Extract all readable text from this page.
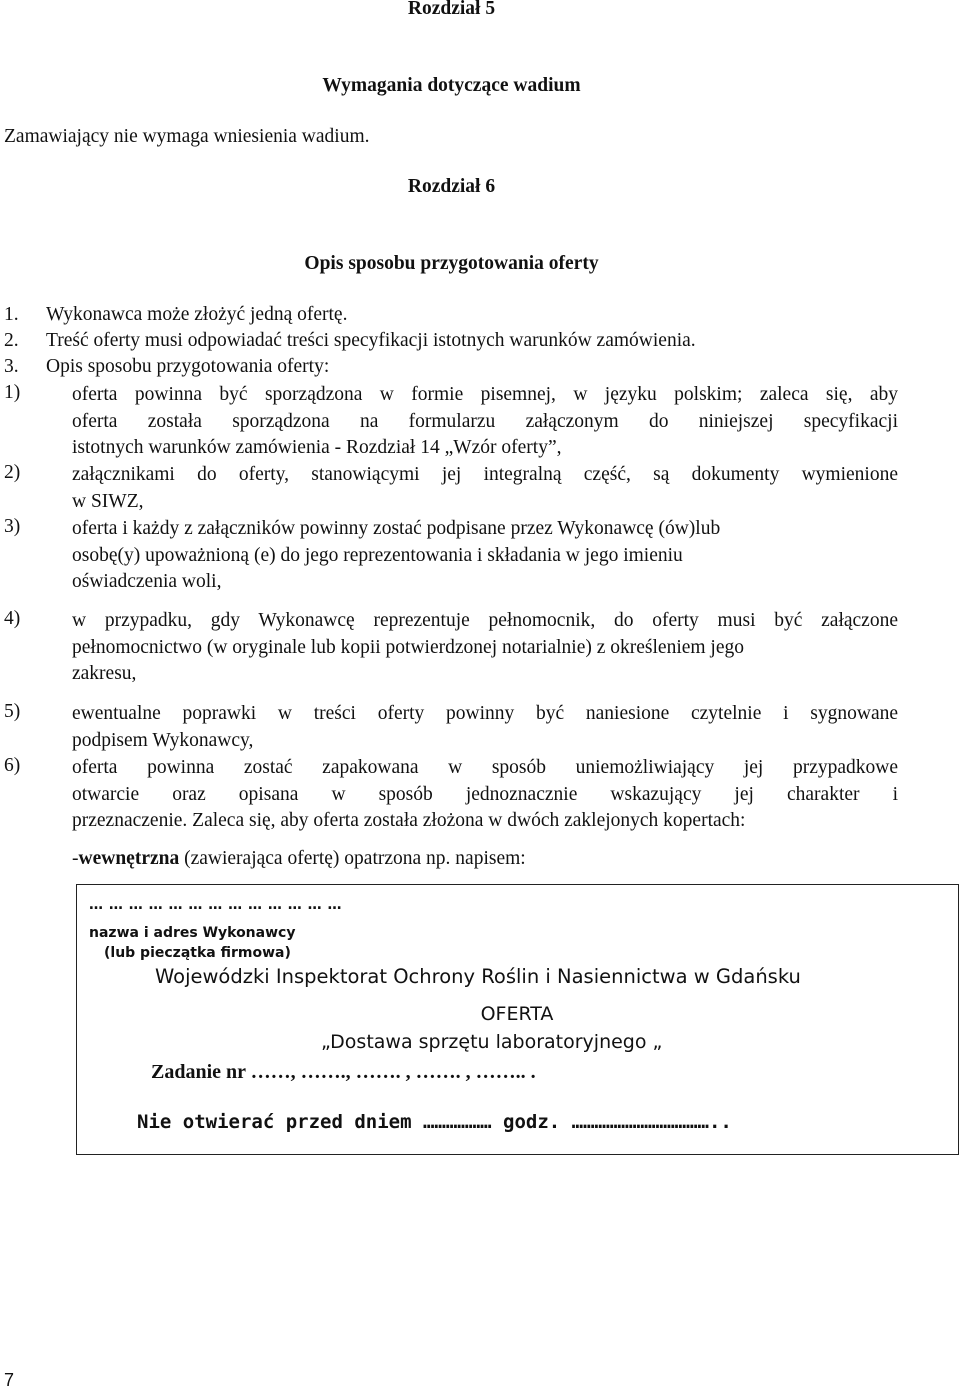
Rozdział 5
Wymagania dotyczące wadium
Zamawiający nie wymaga wniesienia wadium.
Rozdział 6
Opis sposobu przygotowania oferty
1. Wykonawca może złożyć jedną ofertę.
2. Treść oferty musi odpowiadać treści specyfikacji istotnych warunków zamówienia.
3. Opis sposobu przygotowania oferty:
1)	oferta powinna być sporządzona w formie pisemnej, w języku polskim; zaleca się, aby
oferta została sporządzona na formularzu załączonym do niniejszej specyfikacji
istotnych warunków zamówienia - Rozdział 14 „Wzór oferty”,
2)	załącznikami do oferty, stanowiącymi jej integralną część, są dokumenty wymienione
w SIWZ,
3)	oferta i każdy z załączników powinny zostać podpisane przez Wykonawcę (ów)lub
osobę(y) upoważnioną (e) do jego reprezentowania i składania w jego imieniu
oświadczenia woli,
4)	w przypadku, gdy Wykonawcę reprezentuje pełnomocnik, do oferty musi być załączone
pełnomocnictwo (w oryginale lub kopii potwierdzonej notarialnie) z określeniem jego
zakresu,
5)	ewentualne poprawki w treści oferty powinny być naniesione czytelnie i sygnowane
podpisem Wykonawcy,
6)	oferta powinna zostać zapakowana w sposób uniemożliwiający jej przypadkowe
otwarcie oraz opisana w sposób jednoznacznie wskazujący jej charakter i
przeznaczenie. Zaleca się, aby oferta została złożona w dwóch zaklejonych kopertach:
-wewnętrzna (zawierająca ofertę) opatrzona np. napisem:
… … … … … … … … … … … … …
nazwa i adres Wykonawcy
(lub pieczątka firmowa)
Wojewódzki Inspektorat Ochrony Roślin i Nasiennictwa w Gdańsku
OFERTA
„Dostawa sprzętu laboratoryjnego „
Zadanie nr ……, ……., ……. , ……. , …….. .
Nie otwierać przed dniem ……………… godz. ………………………………..
7
